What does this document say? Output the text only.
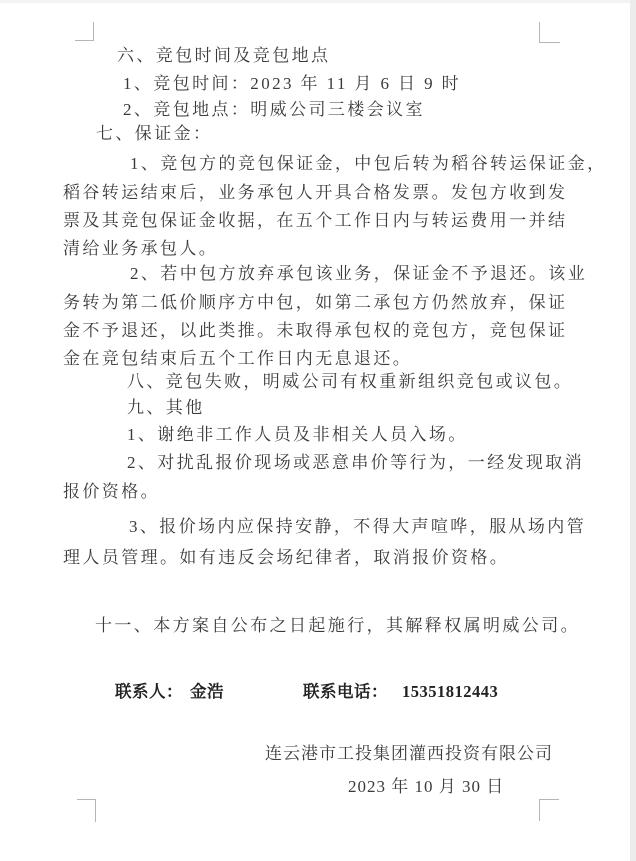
六、竞包时间及竞包地点
1、竞包时间：2023 年 11 月 6 日 9 时
2、竞包地点：明威公司三楼会议室
七、保证金：
1、竞包方的竞包保证金，中包后转为稻谷转运保证金，
稻谷转运结束后，业务承包人开具合格发票。发包方收到发
票及其竞包保证金收据，在五个工作日内与转运费用一并结
清给业务承包人。
2、若中包方放弃承包该业务，保证金不予退还。该业
务转为第二低价顺序方中包，如第二承包方仍然放弃，保证
金不予退还，以此类推。未取得承包权的竞包方，竞包保证
金在竞包结束后五个工作日内无息退还。
八、竞包失败，明威公司有权重新组织竞包或议包。
九、其他
1、谢绝非工作人员及非相关人员入场。
2、对扰乱报价现场或恶意串价等行为，一经发现取消
报价资格。
3、报价场内应保持安静，不得大声喧哗，服从场内管
理人员管理。如有违反会场纪律者，取消报价资格。
十一、本方案自公布之日起施行，其解释权属明威公司。
联系人： 金浩	联系电话： 15351812443
连云港市工投集团灌西投资有限公司
2023 年 10 月 30 日
